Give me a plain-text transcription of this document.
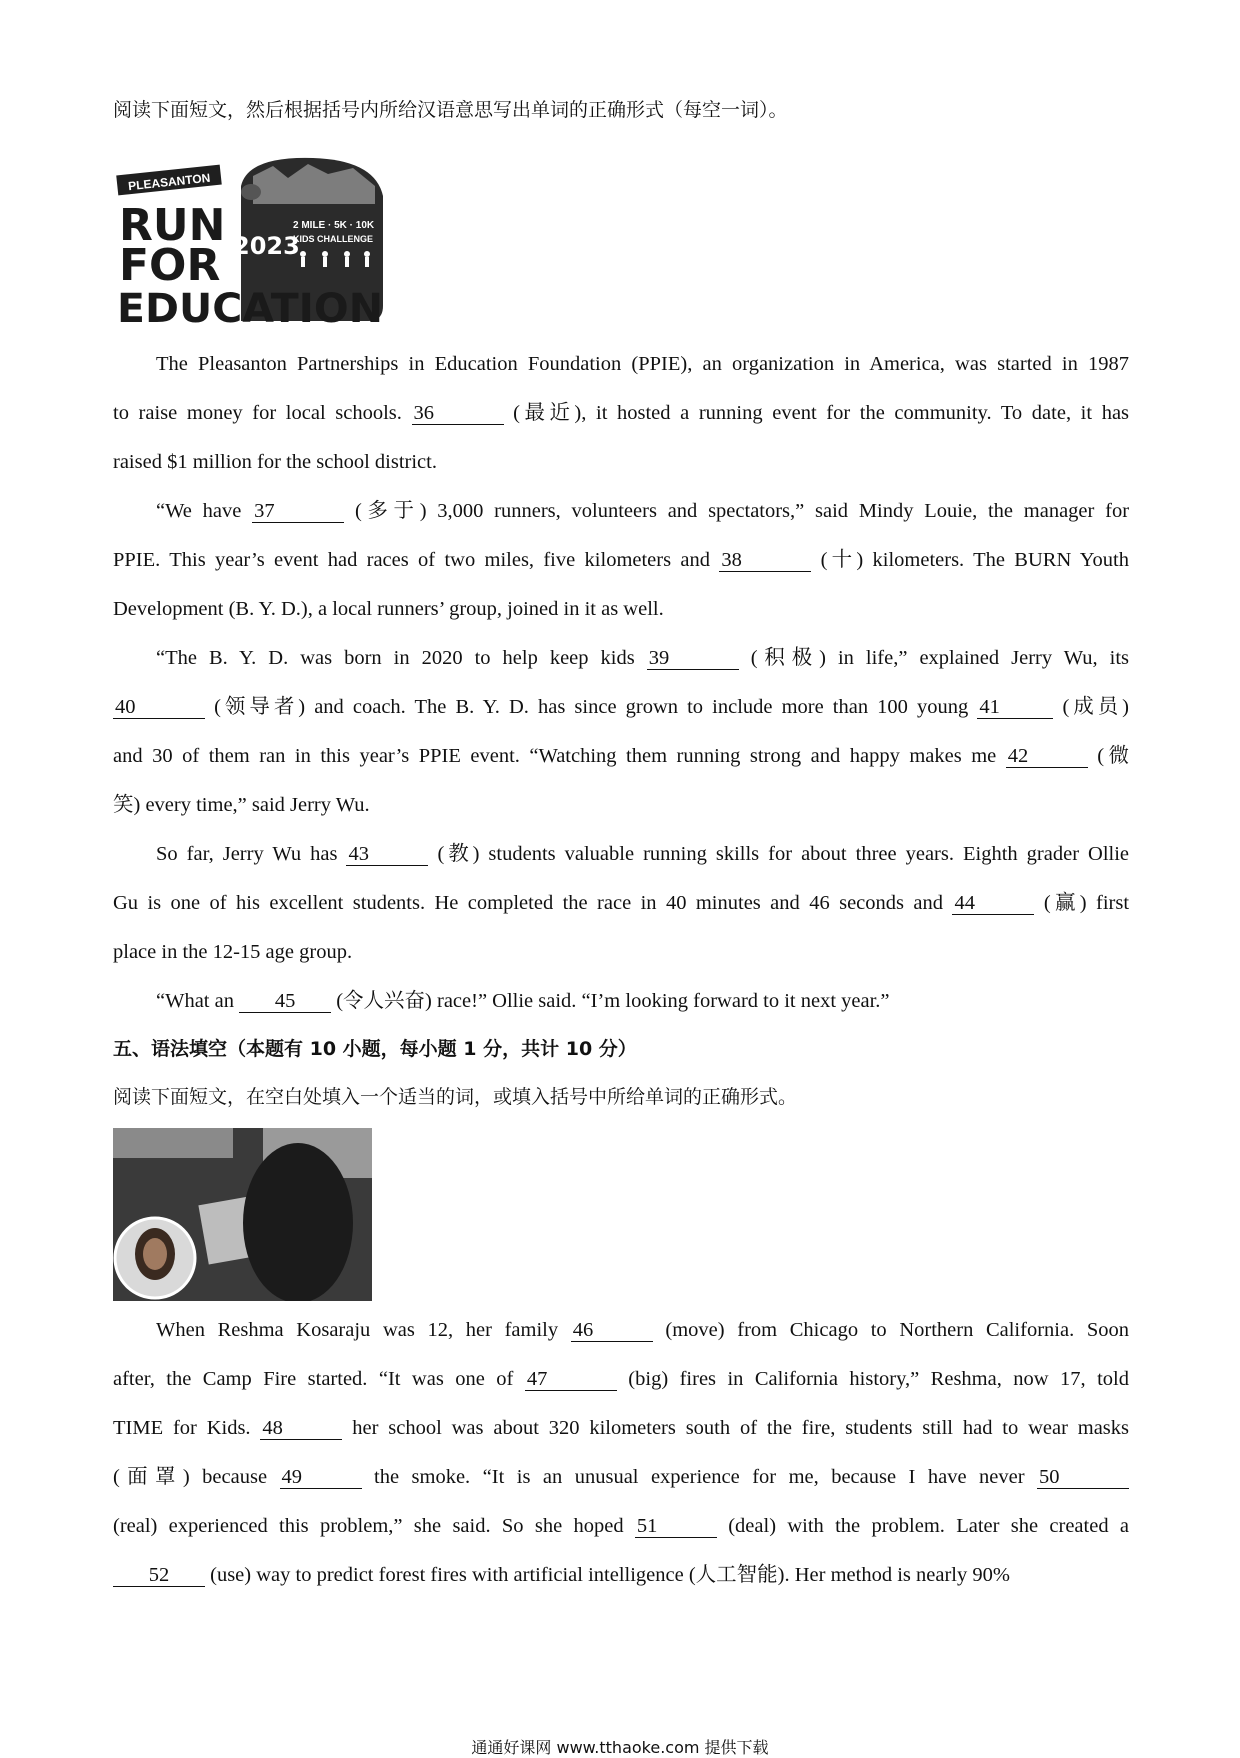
阅读下面短文，然后根据括号内所给汉语意思写出单词的正确形式（每空一词）。
PLEASANTON
RUN
FOR
EDUCATION
2023
2 MILE · 5K · 10K
KIDS CHALLENGE
The Pleasanton Partnerships in Education Foundation (PPIE), an organization in America, was started in 1987
to raise money for local schools. 36	(最近), it hosted a running event for the community. To date, it has
raised $1 million for the school district.
“We have 37	(多于) 3,000 runners, volunteers and spectators,” said Mindy Louie, the manager for
PPIE. This year’s event had races of two miles, five kilometers and 38	(十) kilometers. The BURN Youth
Development (B. Y. D.), a local runners’ group, joined in it as well.
“The B. Y. D. was born in 2020 to help keep kids 39	(积极) in life,” explained Jerry Wu, its
40	(领导者) and coach. The B. Y. D. has since grown to include more than 100 young 41	(成员)
and 30 of them ran in this year’s PPIE event. “Watching them running strong and happy makes me 42	(微
笑) every time,” said Jerry Wu.
So far, Jerry Wu has 43	(教) students valuable running skills for about three years. Eighth grader Ollie
Gu is one of his excellent students. He completed the race in 40 minutes and 46 seconds and 44	(赢) first
place in the 12-15 age group.
“What an 45 (令人兴奋) race!” Ollie said. “I’m looking forward to it next year.”
五、语法填空（本题有 10 小题，每小题 1 分，共计 10 分）
阅读下面短文，在空白处填入一个适当的词，或填入括号中所给单词的正确形式。
When Reshma Kosaraju was 12, her family 46	(move) from Chicago to Northern California. Soon
after, the Camp Fire started. “It was one of 47	(big) fires in California history,” Reshma, now 17, told
TIME for Kids. 48	her school was about 320 kilometers south of the fire, students still had to wear masks
(面罩) because 49	the smoke. “It is an unusual experience for me, because I have never 50
(real) experienced this problem,” she said. So she hoped 51	(deal) with the problem. Later she created a
52 (use) way to predict forest fires with artificial intelligence (人工智能). Her method is nearly 90%
通通好课网 www.tthaoke.com 提供下载
